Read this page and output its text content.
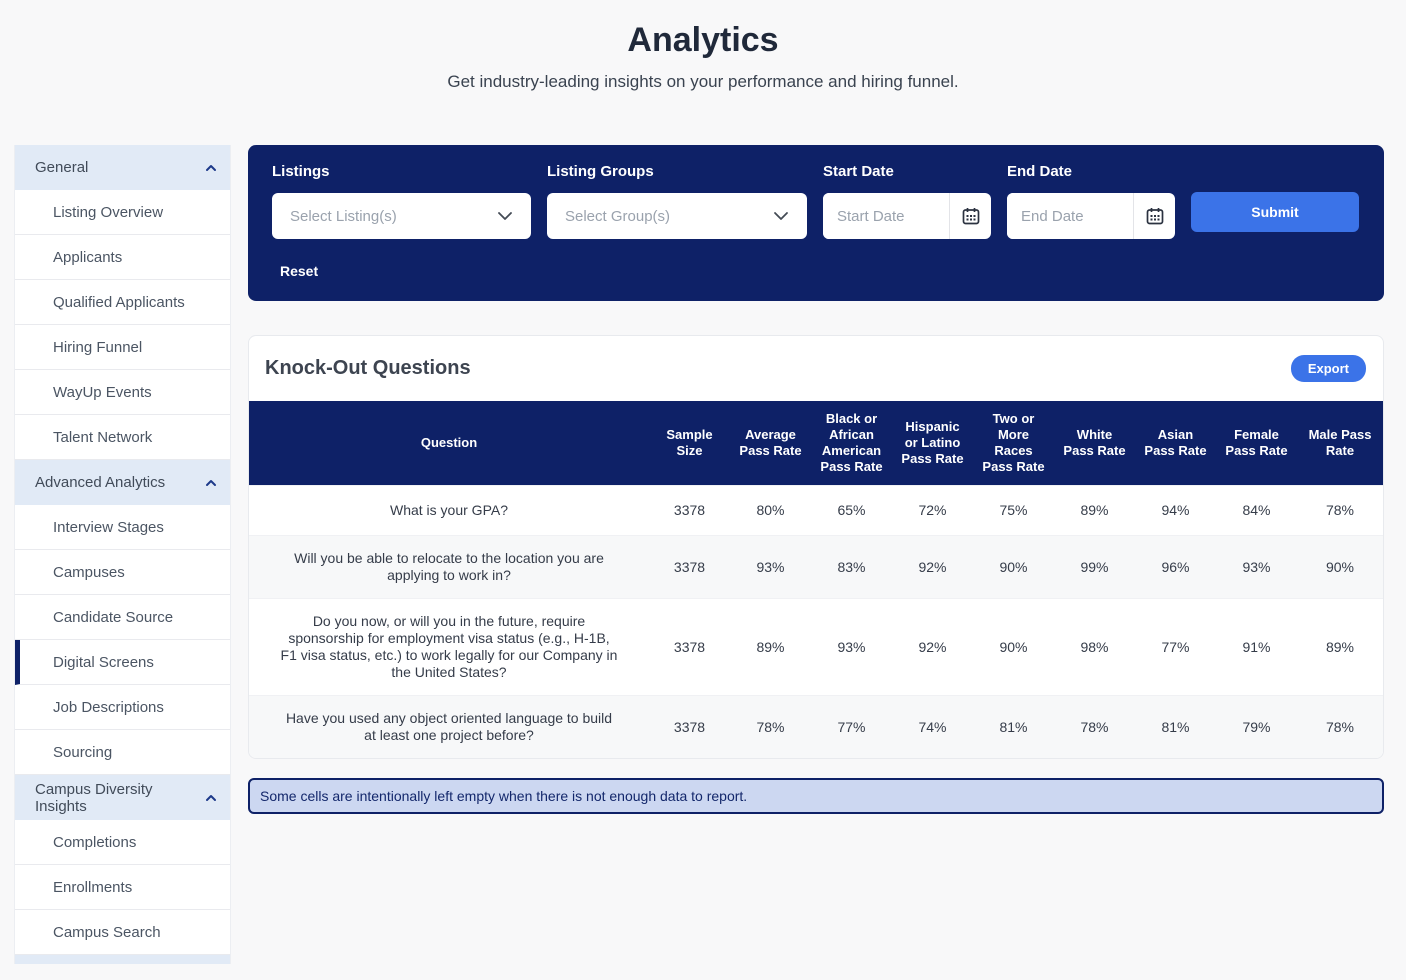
Analytics
Get industry-leading insights on your performance and hiring funnel.
General
Listing Overview
Applicants
Qualified Applicants
Hiring Funnel
WayUp Events
Talent Network
Advanced Analytics
Interview Stages
Campuses
Candidate Source
Digital Screens
Job Descriptions
Sourcing
Campus Diversity Insights
Completions
Enrollments
Campus Search
Listings
Select Listing(s)
Listing Groups
Select Group(s)
Start Date
Start Date	End Date
End Date
Submit
Reset
Knock-Out Questions	Export
Question	Sample Size	Average Pass Rate	Black or African American Pass Rate	Hispanic or Latino Pass Rate	Two or More Races Pass Rate	White Pass Rate	Asian Pass Rate	Female Pass Rate	Male Pass Rate
What is your GPA?	3378	80%	65%	72%	75%	89%	94%	84%	78%
Will you be able to relocate to the location you are applying to work in?	3378	93%	83%	92%	90%	99%	96%	93%	90%
Do you now, or will you in the future, require sponsorship for employment visa status (e.g., H-1B, F1 visa status, etc.) to work legally for our Company in the United States?	3378	89%	93%	92%	90%	98%	77%	91%	89%
Have you used any object oriented language to build at least one project before?	3378	78%	77%	74%	81%	78%	81%	79%	78%
Some cells are intentionally left empty when there is not enough data to report.
